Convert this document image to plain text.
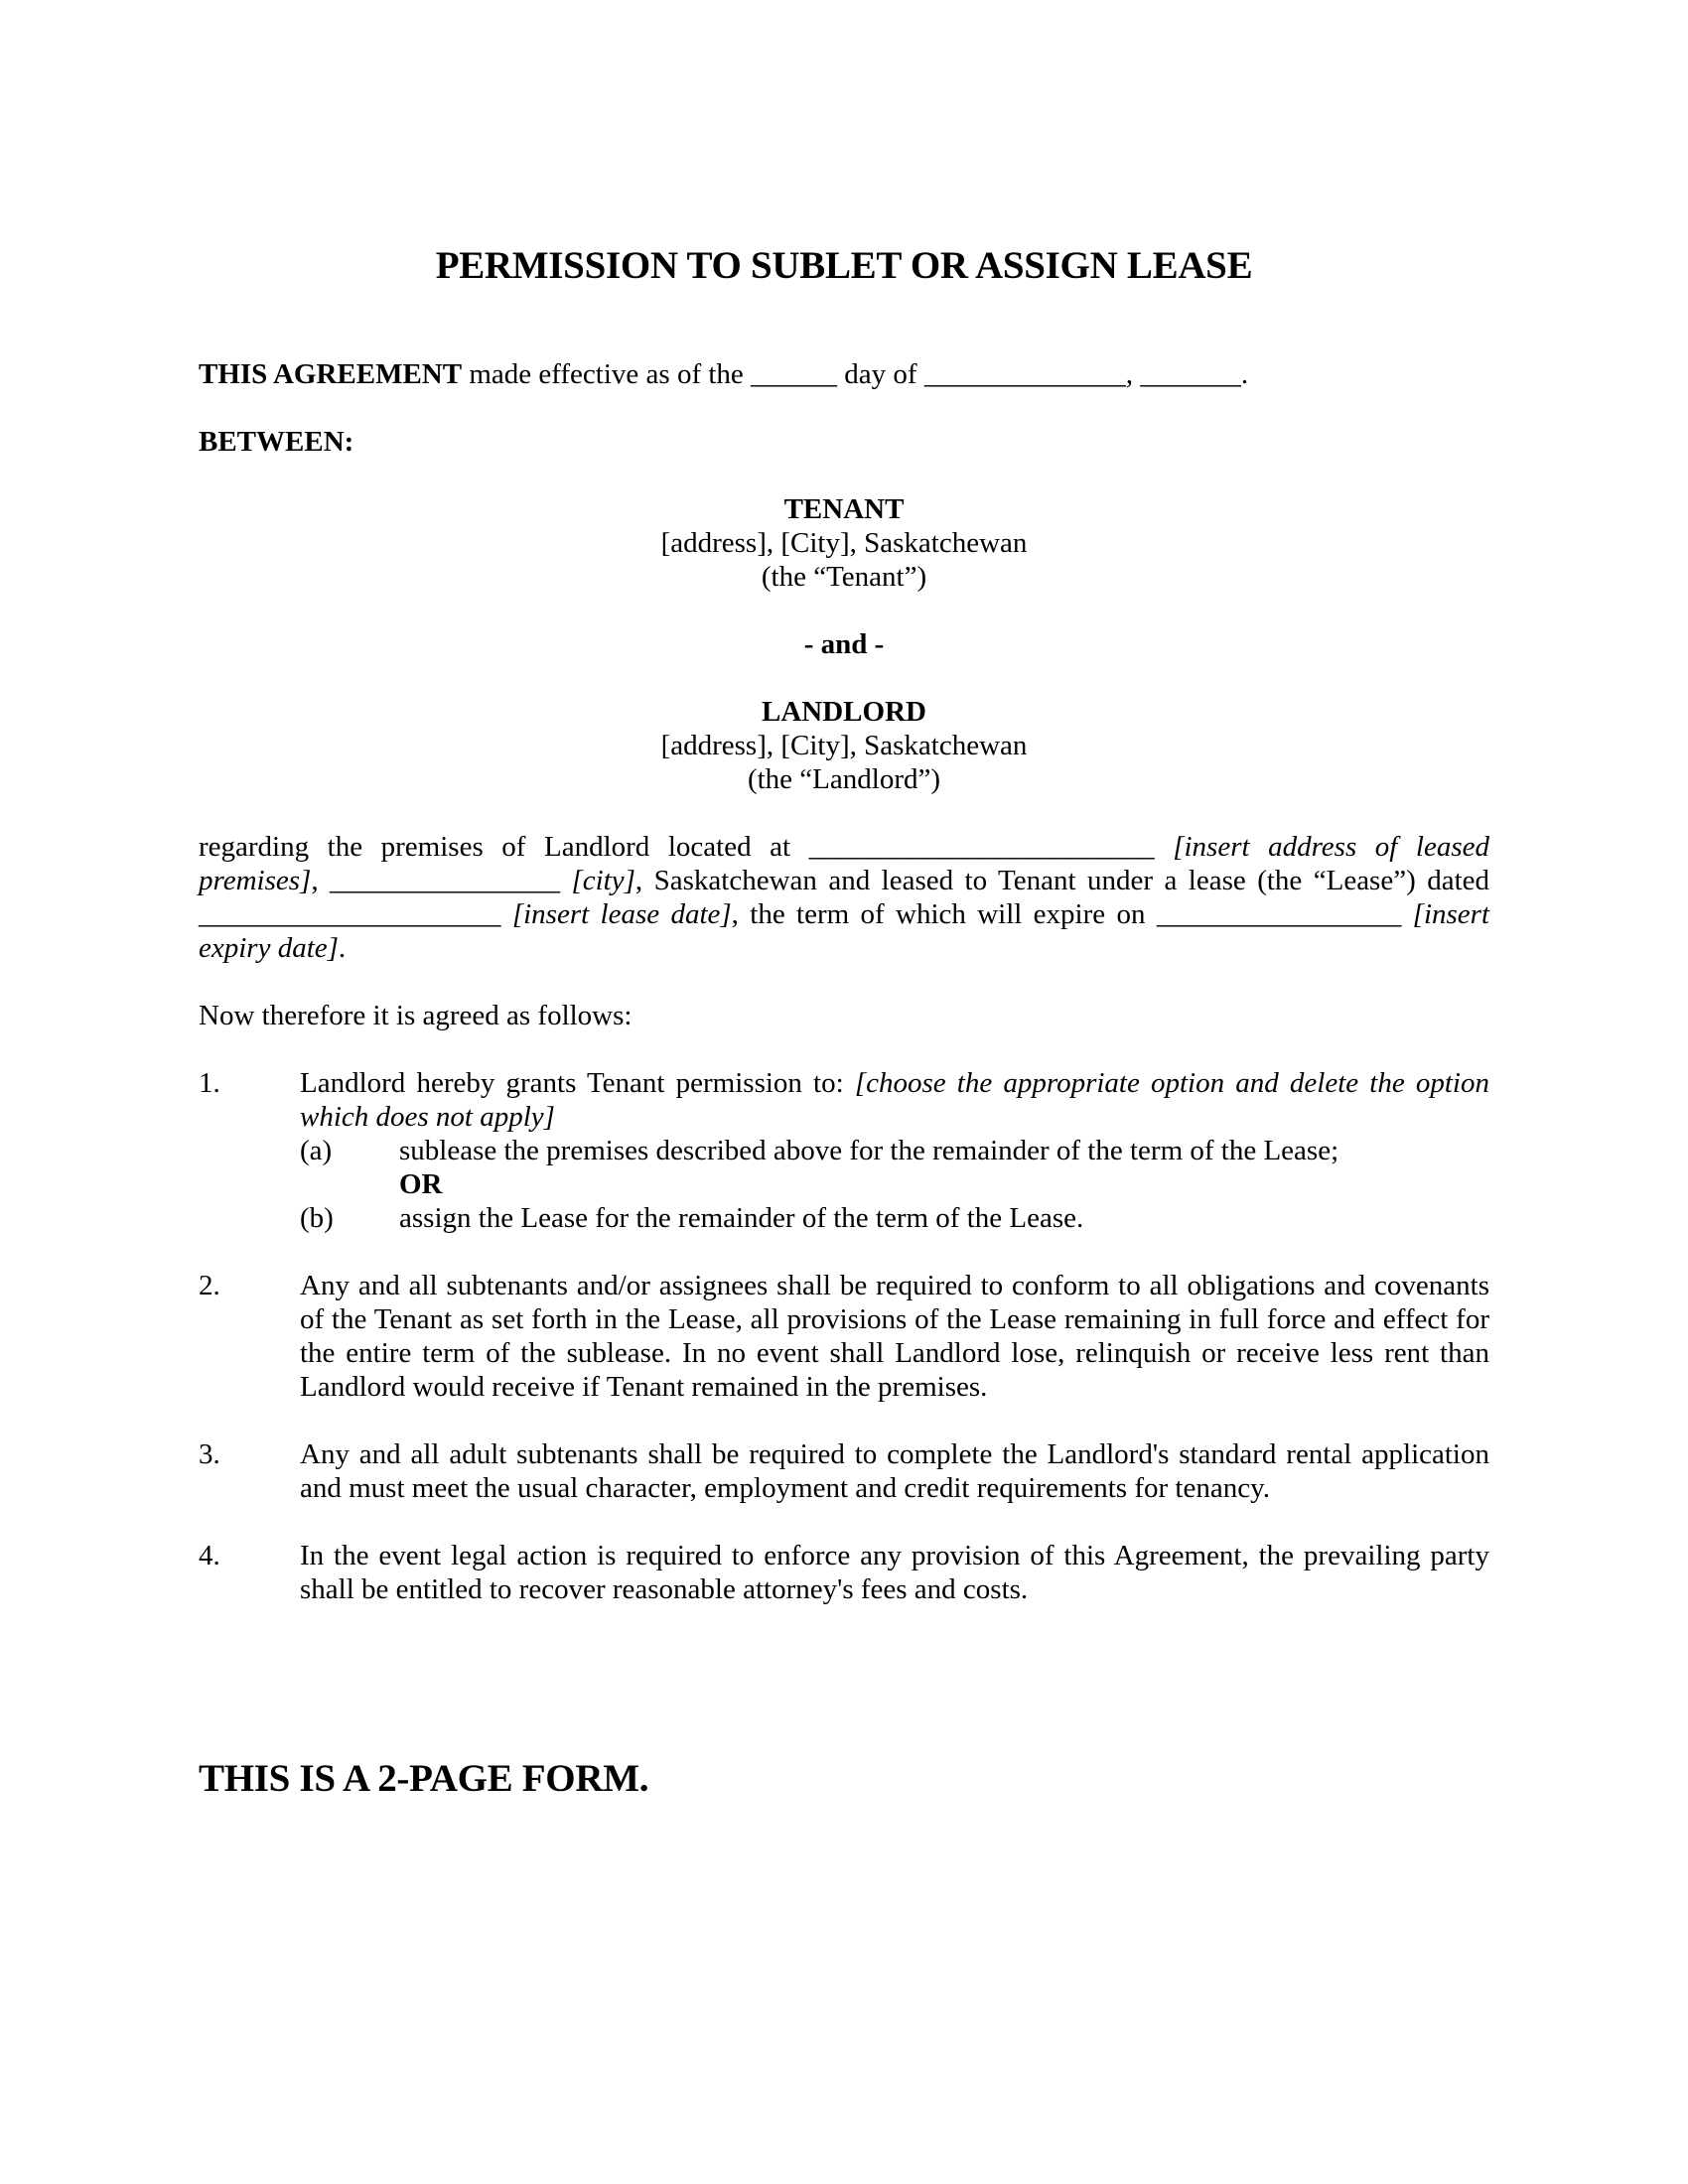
PERMISSION TO SUBLET OR ASSIGN LEASE

THIS AGREEMENT made effective as of the ______ day of ______________, _______.

BETWEEN:

TENANT

[address], [City], Saskatchewan

(the “Tenant”)

- and -

LANDLORD

[address], [City], Saskatchewan

(the “Landlord”)

regarding the premises of Landlord located at ________________________ [insert address of leased premises], ________________ [city], Saskatchewan and leased to Tenant under a lease (the “Lease”) dated _____________________ [insert lease date], the term of which will expire on _________________ [insert expiry date].

Now therefore it is agreed as follows:

1.	Landlord hereby grants Tenant permission to: [choose the appropriate option and delete the option which does not apply]
(a)	sublease the premises described above for the remainder of the term of the Lease;
OR
(b)	assign the Lease for the remainder of the term of the Lease.
2.	Any and all subtenants and/or assignees shall be required to conform to all obligations and covenants of the Tenant as set forth in the Lease, all provisions of the Lease remaining in full force and effect for the entire term of the sublease. In no event shall Landlord lose, relinquish or receive less rent than Landlord would receive if Tenant remained in the premises.
3.	Any and all adult subtenants shall be required to complete the Landlord's standard rental application and must meet the usual character, employment and credit requirements for tenancy.
4.	In the event legal action is required to enforce any provision of this Agreement, the prevailing party shall be entitled to recover reasonable attorney's fees and costs.

THIS IS A 2-PAGE FORM.
